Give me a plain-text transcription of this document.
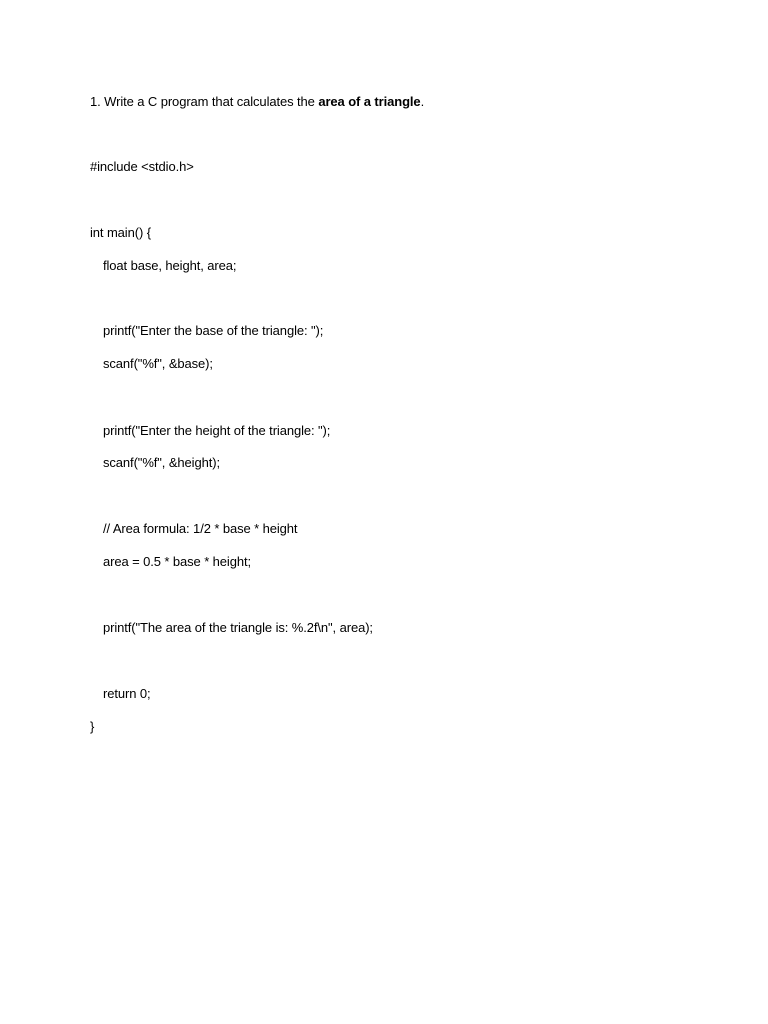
1. Write a C program that calculates the area of a triangle.
#include <stdio.h>
int main() {
float base, height, area;
printf("Enter the base of the triangle: ");
scanf("%f", &base);
printf("Enter the height of the triangle: ");
scanf("%f", &height);
// Area formula: 1/2 * base * height
area = 0.5 * base * height;
printf("The area of the triangle is: %.2f\n", area);
return 0;
}
